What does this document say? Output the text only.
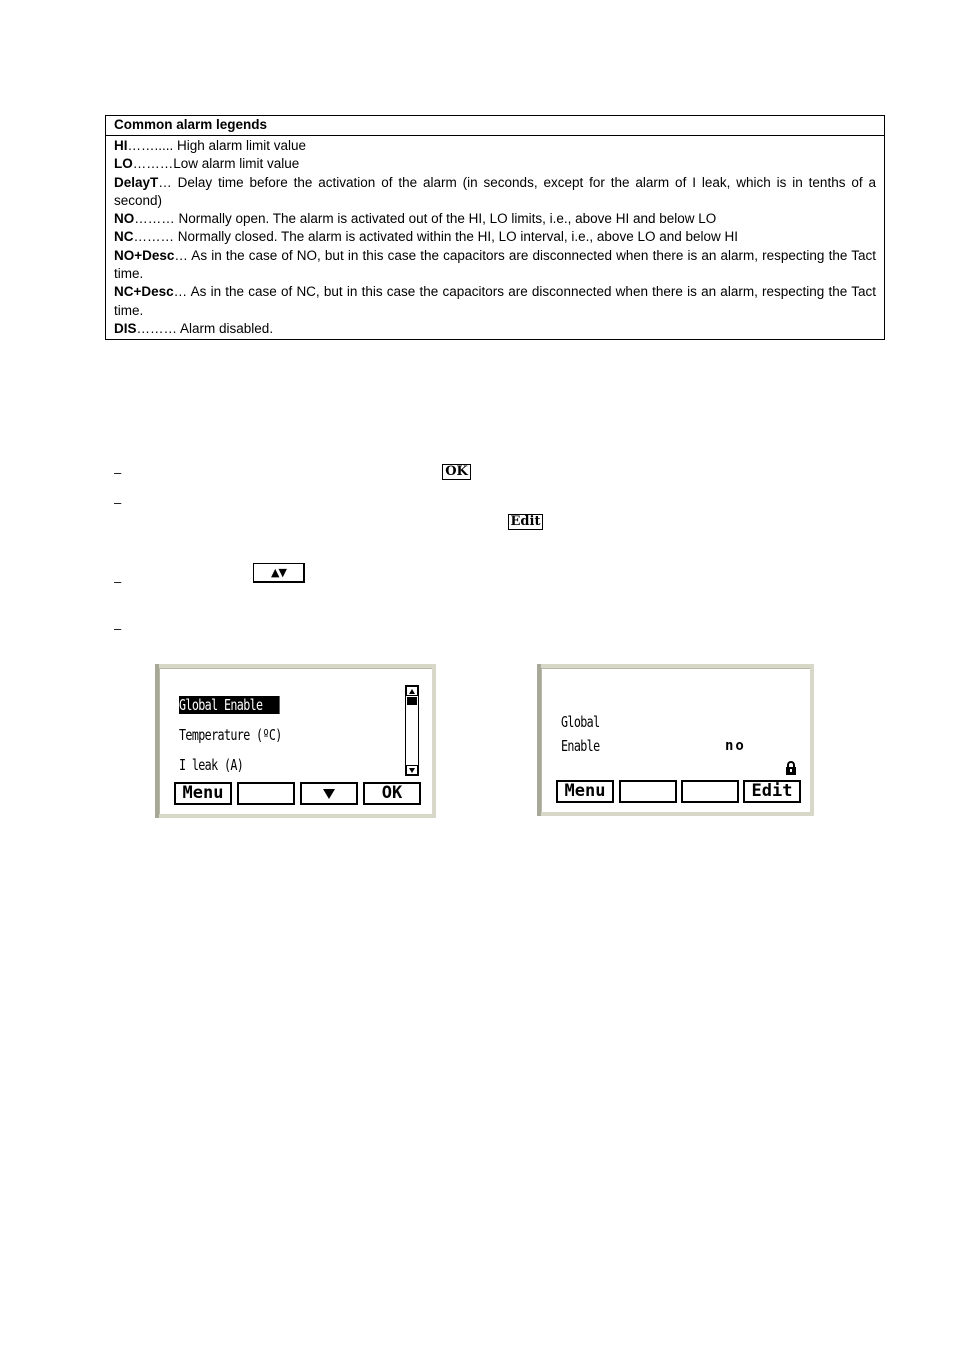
Common alarm legends
HI……..... High alarm limit value
LO………Low alarm limit value
DelayT… Delay time before the activation of the alarm (in seconds, except for the alarm of I leak, which is in tenths of a second)
NO……… Normally open. The alarm is activated out of the HI, LO limits, i.e., above HI and below LO
NC……… Normally closed. The alarm is activated within the HI, LO interval, i.e., above LO and below HI
NO+Desc… As in the case of NO, but in this case the capacitors are disconnected when there is an alarm, respecting the Tact time.
NC+Desc… As in the case of NC, but in this case the capacitors are disconnected when there is an alarm, respecting the Tact time.
DIS……… Alarm disabled.
–
–
–
–
OK
Edit
▲▼
Global Enable
Temperature (ºC)
I leak (A)
Menu	OK
Global
Enable	no
Menu	Edit
